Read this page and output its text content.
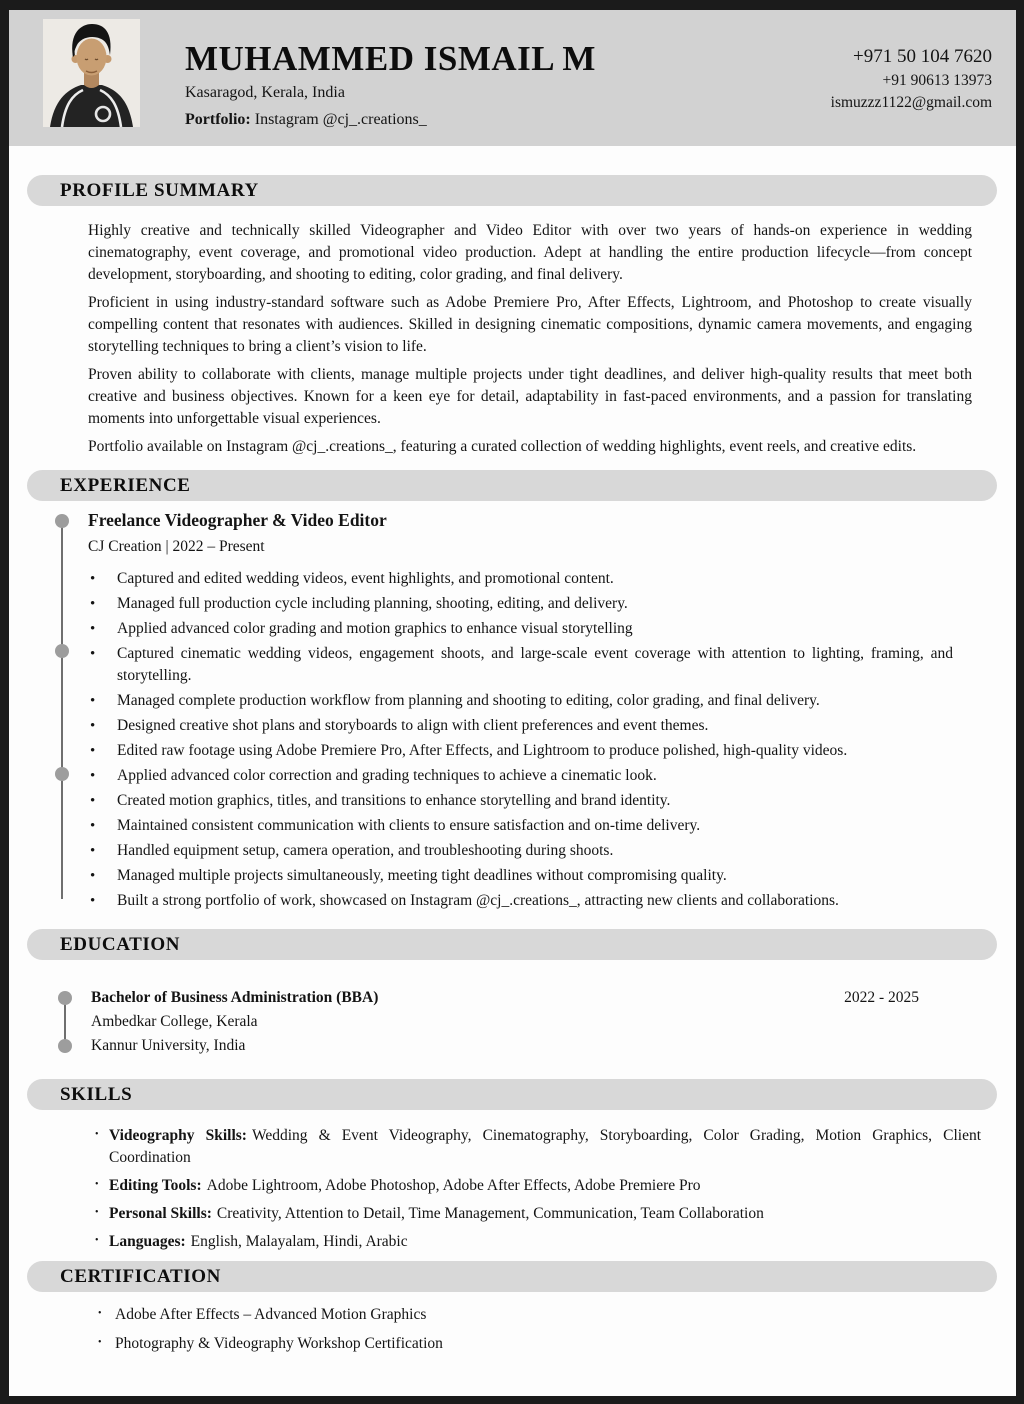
MUHAMMED ISMAIL M
Kasaragod, Kerala, India
Portfolio: Instagram @cj_.creations_
+971 50 104 7620
+91 90613 13973
ismuzzz1122@gmail.com
PROFILE SUMMARY

Highly creative and technically skilled Videographer and Video Editor with over two years of hands-on experience in wedding cinematography, event coverage, and promotional video production. Adept at handling the entire production lifecycle—from concept development, storyboarding, and shooting to editing, color grading, and final delivery.

Proficient in using industry-standard software such as Adobe Premiere Pro, After Effects, Lightroom, and Photoshop to create visually compelling content that resonates with audiences. Skilled in designing cinematic compositions, dynamic camera movements, and engaging storytelling techniques to bring a client’s vision to life.

Proven ability to collaborate with clients, manage multiple projects under tight deadlines, and deliver high-quality results that meet both creative and business objectives. Known for a keen eye for detail, adaptability in fast-paced environments, and a passion for translating moments into unforgettable visual experiences.

Portfolio available on Instagram @cj_.creations_, featuring a curated collection of wedding highlights, event reels, and creative edits.

EXPERIENCE
Freelance Videographer & Video Editor
CJ Creation | 2022 – Present
• Captured and edited wedding videos, event highlights, and promotional content.
• Managed full production cycle including planning, shooting, editing, and delivery.
• Applied advanced color grading and motion graphics to enhance visual storytelling
• Captured cinematic wedding videos, engagement shoots, and large-scale event coverage with attention to lighting, framing, and storytelling.
• Managed complete production workflow from planning and shooting to editing, color grading, and final delivery.
• Designed creative shot plans and storyboards to align with client preferences and event themes.
• Edited raw footage using Adobe Premiere Pro, After Effects, and Lightroom to produce polished, high-quality videos.
• Applied advanced color correction and grading techniques to achieve a cinematic look.
• Created motion graphics, titles, and transitions to enhance storytelling and brand identity.
• Maintained consistent communication with clients to ensure satisfaction and on-time delivery.
• Handled equipment setup, camera operation, and troubleshooting during shoots.
• Managed multiple projects simultaneously, meeting tight deadlines without compromising quality.
• Built a strong portfolio of work, showcased on Instagram @cj_.creations_, attracting new clients and collaborations.
EDUCATION
Bachelor of Business Administration (BBA)	2022 - 2025
Ambedkar College, Kerala
Kannur University, India
SKILLS
• Videography Skills: Wedding & Event Videography, Cinematography, Storyboarding, Color Grading, Motion Graphics, Client Coordination
• Editing Tools: Adobe Lightroom, Adobe Photoshop, Adobe After Effects, Adobe Premiere Pro
• Personal Skills: Creativity, Attention to Detail, Time Management, Communication, Team Collaboration
• Languages: English, Malayalam, Hindi, Arabic
CERTIFICATION
• Adobe After Effects – Advanced Motion Graphics
• Photography & Videography Workshop Certification
